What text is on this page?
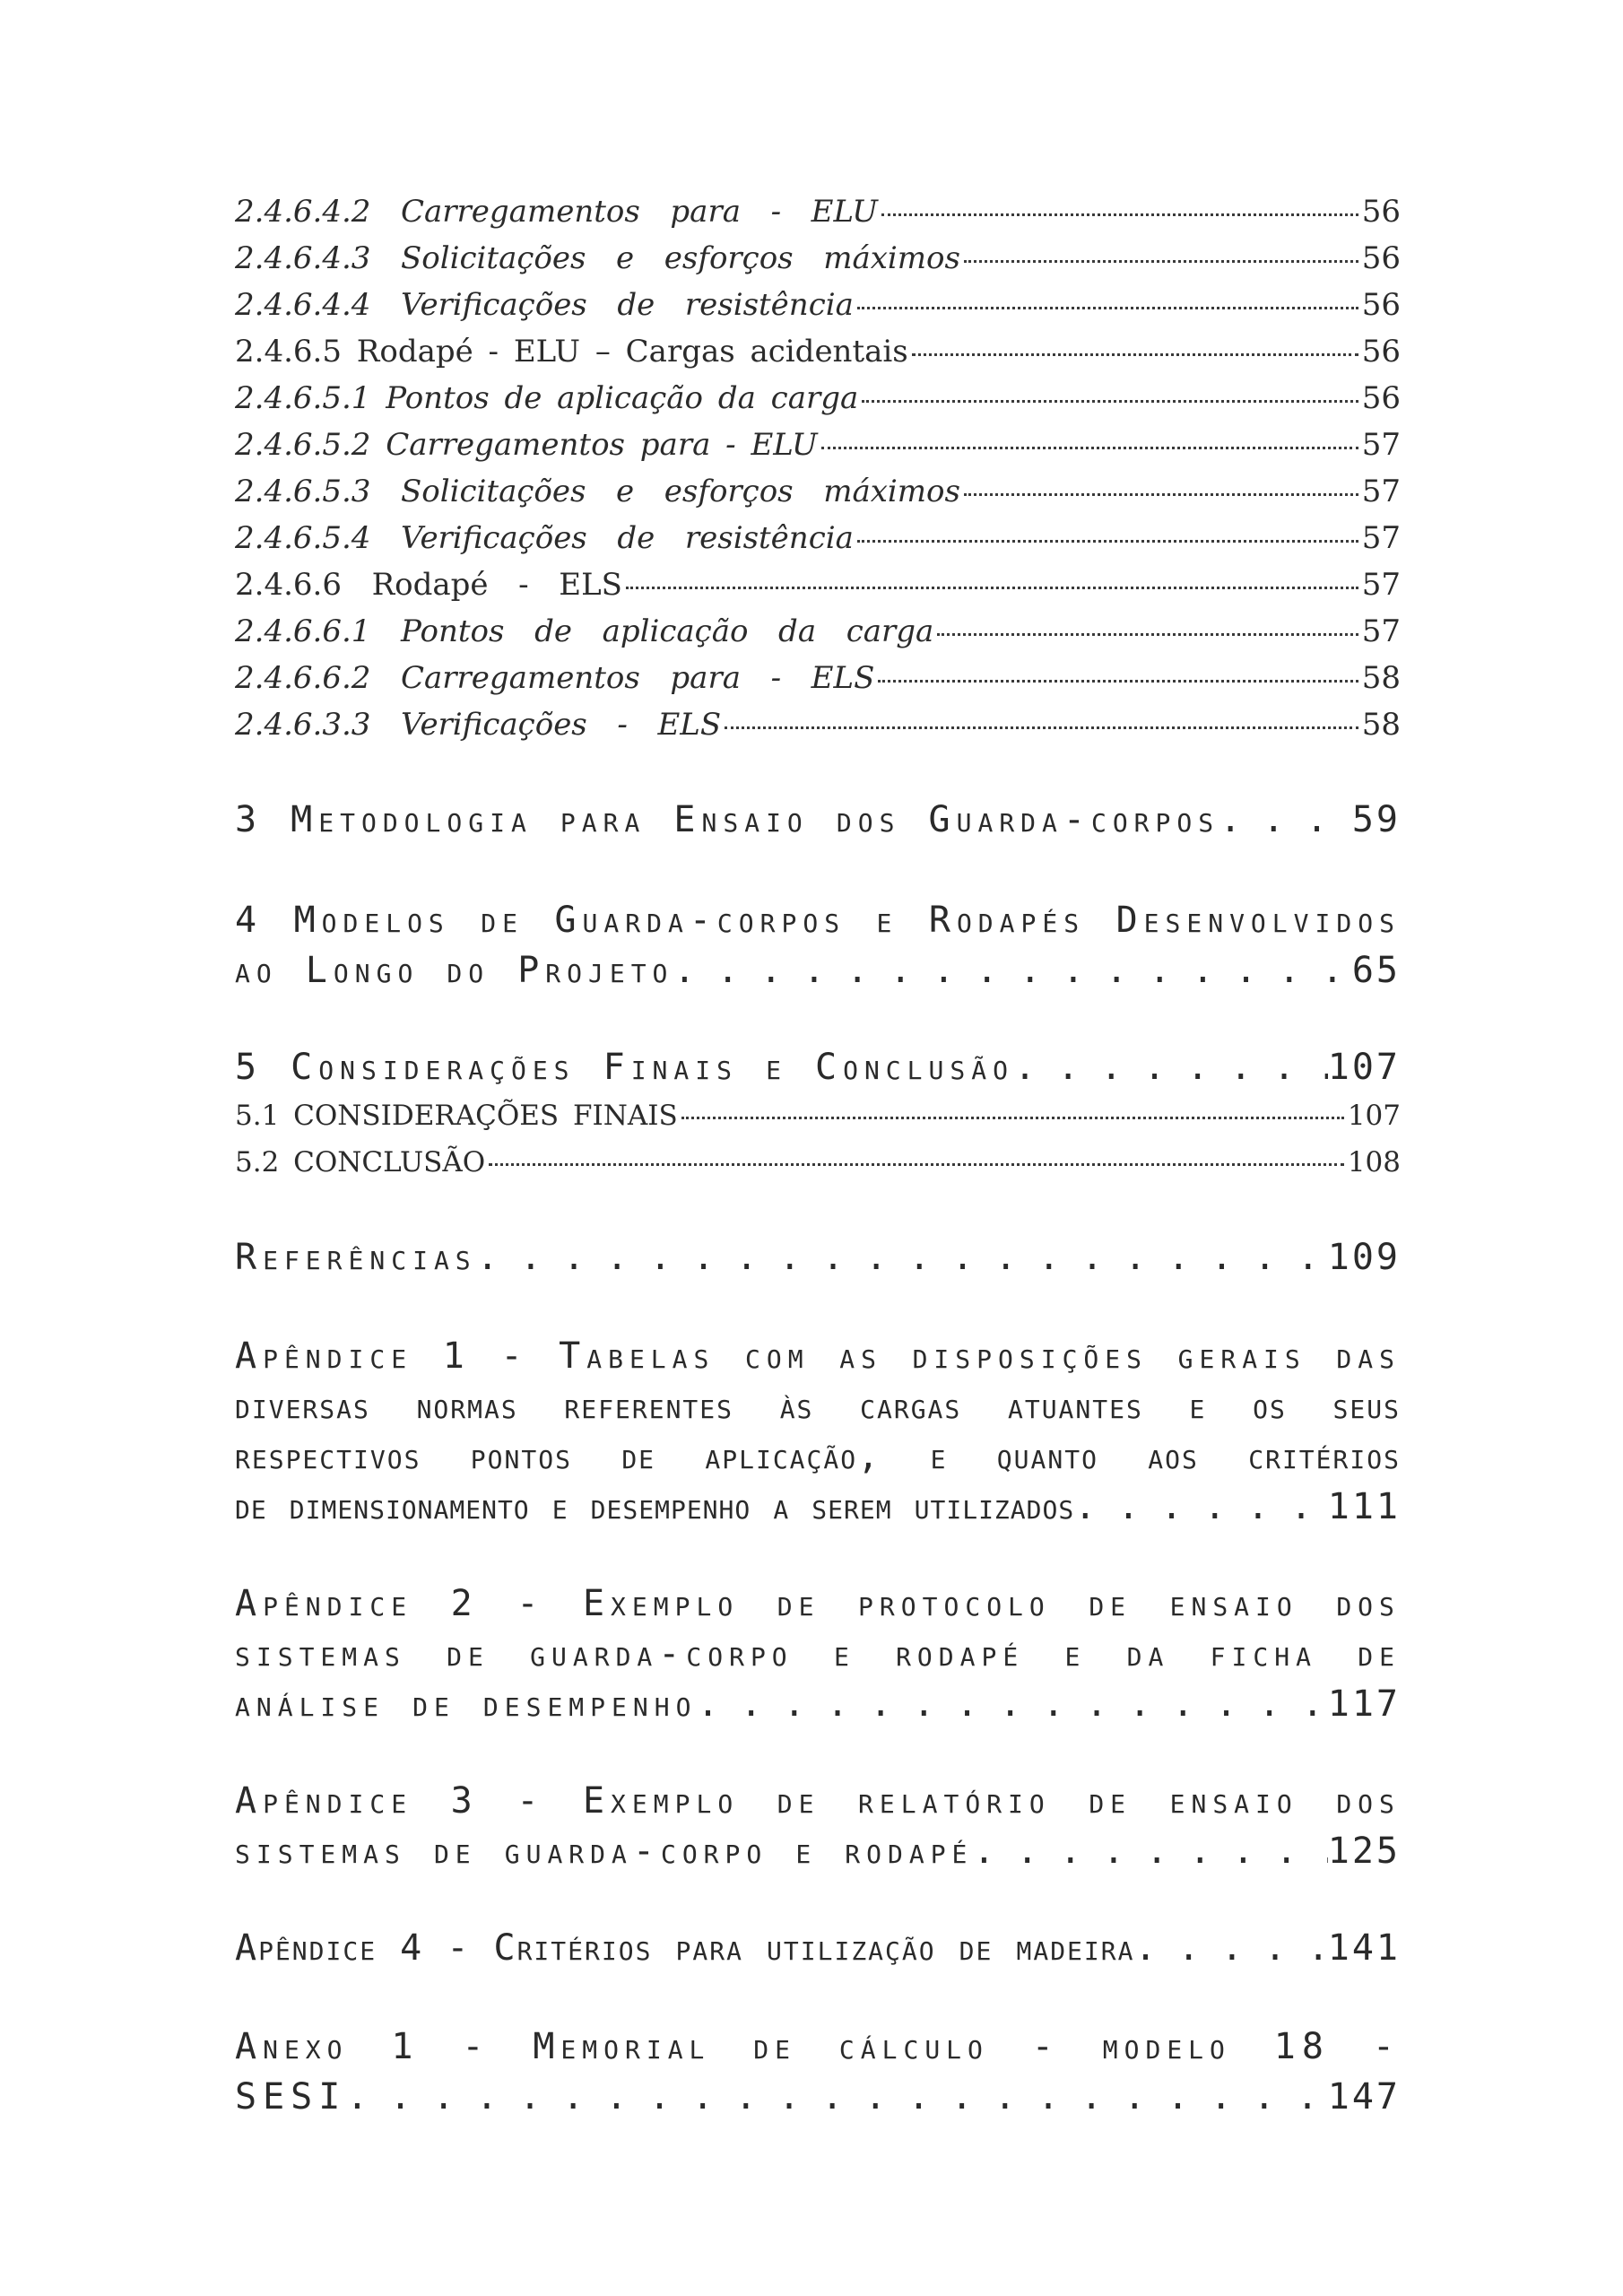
2.4.6.4.2  Carregamentos  para  -  ELU	56
2.4.6.4.3  Solicitações  e  esforços  máximos	56
2.4.6.4.4  Verificações  de  resistência	56
2.4.6.5 Rodapé - ELU – Cargas acidentais	56
2.4.6.5.1 Pontos de aplicação da carga	56
2.4.6.5.2 Carregamentos para - ELU	57
2.4.6.5.3  Solicitações  e  esforços  máximos	57
2.4.6.5.4  Verificações  de  resistência	57
2.4.6.6  Rodapé  -  ELS	57
2.4.6.6.1  Pontos  de  aplicação  da  carga	57
2.4.6.6.2  Carregamentos  para  -  ELS	58
2.4.6.3.3  Verificações  -  ELS	58
3 Metodologia para Ensaio dos Guarda-corpos . . .	59
4 Modelos de Guarda-corpos e Rodapés Desenvolvidos
ao Longo do Projeto . . .	65
5 Considerações Finais e Conclusão . . .	107
5.1 CONSIDERAÇÕES FINAIS	107
5.2 CONCLUSÃO	108
Referências . . .	109
Apêndice 1 - Tabelas com as disposições gerais das
diversas normas referentes às cargas atuantes e os seus
respectivos pontos de aplicação, e quanto aos critérios
de dimensionamento e desempenho a serem utilizados . . .	111
Apêndice 2 - Exemplo de protocolo de ensaio dos
sistemas de guarda-corpo e rodapé e da ficha de
análise de desempenho . . .	117
Apêndice 3 - Exemplo de relatório de ensaio dos
sistemas de guarda-corpo e rodapé . . .	125
Apêndice 4 - Critérios para utilização de madeira . . .	141
Anexo 1 - Memorial de cálculo - modelo 18 -
SESI . . .	147
